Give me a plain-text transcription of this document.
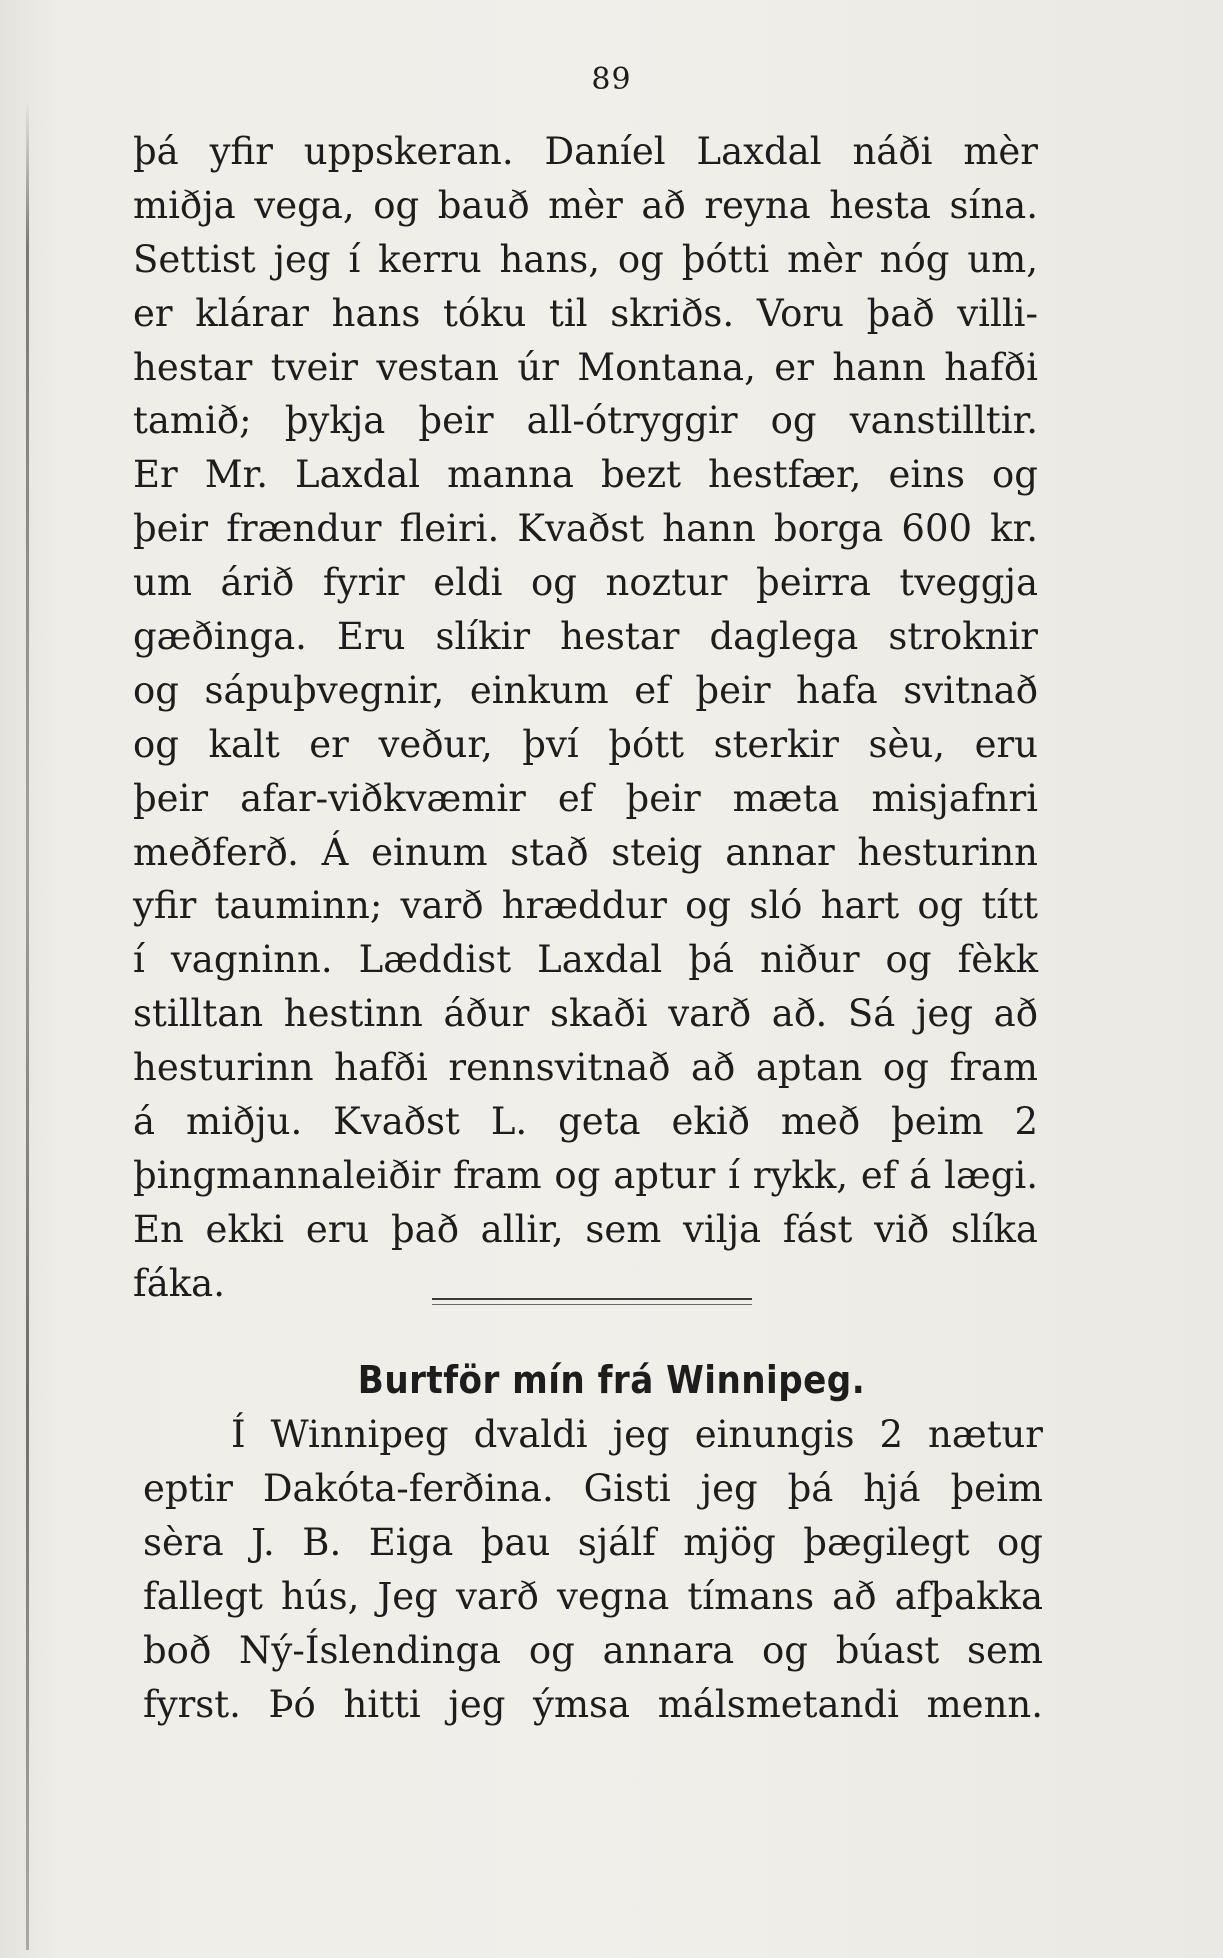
89
þá yfir uppskeran. Daníel Laxdal náði mèr
miðja vega, og bauð mèr að reyna hesta sína.
Settist jeg í kerru hans, og þótti mèr nóg um,
er klárar hans tóku til skriðs. Voru það villi-
hestar tveir vestan úr Montana, er hann hafði
tamið; þykja þeir all-ótryggir og vanstilltir.
Er Mr. Laxdal manna bezt hestfær, eins og
þeir frændur fleiri. Kvaðst hann borga 600 kr.
um árið fyrir eldi og noztur þeirra tveggja
gæðinga. Eru slíkir hestar daglega stroknir
og sápuþvegnir, einkum ef þeir hafa svitnað
og kalt er veður, því þótt sterkir sèu, eru
þeir afar-viðkvæmir ef þeir mæta misjafnri
meðferð. Á einum stað steig annar hesturinn
yfir tauminn; varð hræddur og sló hart og títt
í vagninn. Læddist Laxdal þá niður og fèkk
stilltan hestinn áður skaði varð að. Sá jeg að
hesturinn hafði rennsvitnað að aptan og fram
á miðju. Kvaðst L. geta ekið með þeim 2
þingmannaleiðir fram og aptur í rykk, ef á lægi.
En ekki eru það allir, sem vilja fást við slíka
fáka.
Burtför mín frá Winnipeg.
Í Winnipeg dvaldi jeg einungis 2 nætur
eptir Dakóta-ferðina. Gisti jeg þá hjá þeim
sèra J. B. Eiga þau sjálf mjög þægilegt og
fallegt hús, Jeg varð vegna tímans að afþakka
boð Ný-Íslendinga og annara og búast sem
fyrst. Þó hitti jeg ýmsa málsmetandi menn.
